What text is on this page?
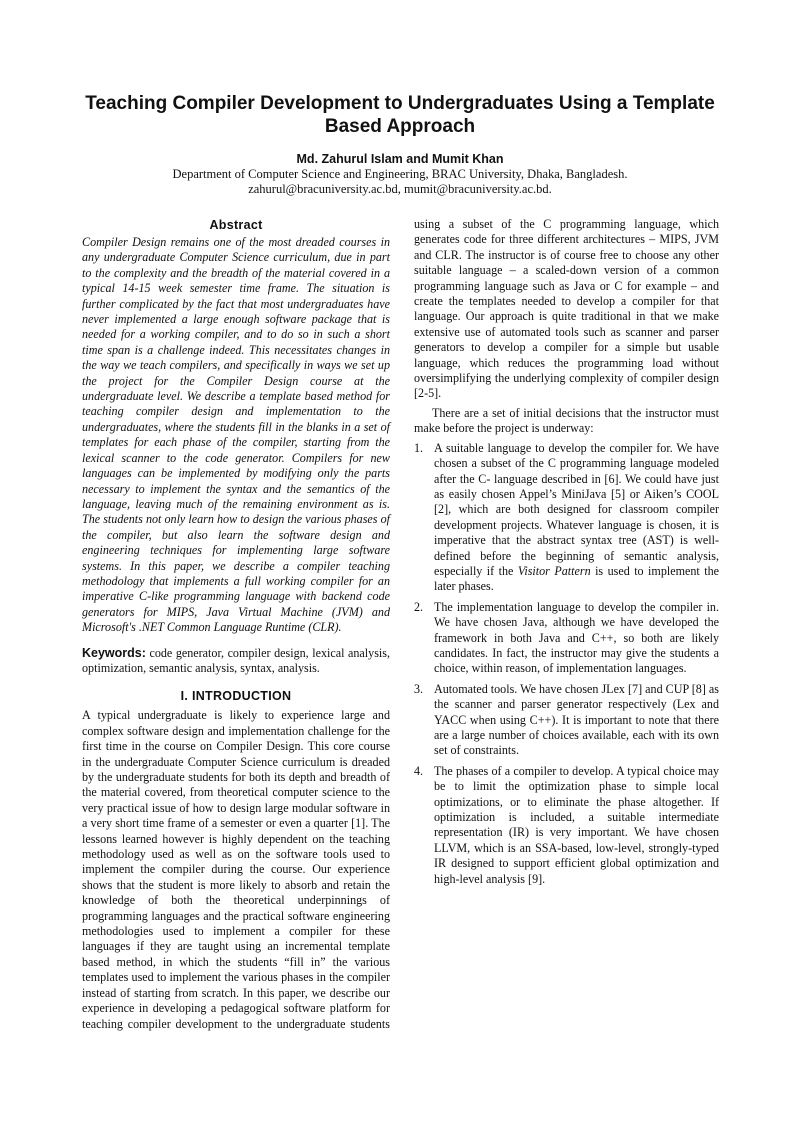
Teaching Compiler Development to Undergraduates Using a Template Based Approach
Md. Zahurul Islam and Mumit Khan
Department of Computer Science and Engineering, BRAC University, Dhaka, Bangladesh.
zahurul@bracuniversity.ac.bd, mumit@bracuniversity.ac.bd.
Abstract

Compiler Design remains one of the most dreaded courses in any undergraduate Computer Science curriculum, due in part to the complexity and the breadth of the material covered in a typical 14-15 week semester time frame. The situation is further complicated by the fact that most undergraduates have never implemented a large enough software package that is needed for a working compiler, and to do so in such a short time span is a challenge indeed. This necessitates changes in the way we teach compilers, and specifically in ways we set up the project for the Compiler Design course at the undergraduate level. We describe a template based method for teaching compiler design and implementation to the undergraduates, where the students fill in the blanks in a set of templates for each phase of the compiler, starting from the lexical scanner to the code generator. Compilers for new languages can be implemented by modifying only the parts necessary to implement the syntax and the semantics of the language, leaving much of the remaining environment as is. The students not only learn how to design the various phases of the compiler, but also learn the software design and engineering techniques for implementing large software systems. In this paper, we describe a compiler teaching methodology that implements a full working compiler for an imperative C-like programming language with backend code generators for MIPS, Java Virtual Machine (JVM) and Microsoft's .NET Common Language Runtime (CLR).

Keywords: code generator, compiler design, lexical analysis, optimization, semantic analysis, syntax, analysis.

I. INTRODUCTION

A typical undergraduate is likely to experience large and complex software design and implementation challenge for the first time in the course on Compiler Design. This core course in the undergraduate Computer Science curriculum is dreaded by the undergraduate students for both its depth and breadth of the material covered, from theoretical computer science to the very practical issue of how to design large modular software in a very short time frame of a semester or even a quarter [1]. The lessons learned however is highly dependent on the teaching methodology used as well as on the software tools used to implement the compiler during the course. Our experience shows that the student is more likely to absorb and retain the knowledge of both the theoretical underpinnings of programming languages and the practical software engineering methodologies used to implement a compiler for these languages if they are taught using an incremental template based method, in which the students “fill in” the various templates used to implement the various phases in the compiler instead of starting from scratch. In this paper, we describe our experience in developing a pedagogical software platform for teaching compiler development to the undergraduate students

using a subset of the C programming language, which generates code for three different architectures – MIPS, JVM and CLR. The instructor is of course free to choose any other suitable language – a scaled-down version of a common programming language such as Java or C for example – and create the templates needed to develop a compiler for that language. Our approach is quite traditional in that we make extensive use of automated tools such as scanner and parser generators to develop a compiler for a simple but usable language, which reduces the programming load without oversimplifying the underlying complexity of compiler design [2-5].

There are a set of initial decisions that the instructor must make before the project is underway:

1. A suitable language to develop the compiler for. We have chosen a subset of the C programming language modeled after the C- language described in [6]. We could have just as easily chosen Appel’s MiniJava [5] or Aiken’s COOL [2], which are both designed for classroom compiler development projects. Whatever language is chosen, it is imperative that the abstract syntax tree (AST) is well-defined before the beginning of semantic analysis, especially if the Visitor Pattern is used to implement the later phases.
2. The implementation language to develop the compiler in. We have chosen Java, although we have developed the framework in both Java and C++, so both are likely candidates. In fact, the instructor may give the students a choice, within reason, of implementation languages.
3. Automated tools. We have chosen JLex [7] and CUP [8] as the scanner and parser generator respectively (Lex and YACC when using C++). It is important to note that there are a large number of choices available, each with its own set of constraints.
4. The phases of a compiler to develop. A typical choice may be to limit the optimization phase to simple local optimizations, or to eliminate the phase altogether. If optimization is included, a suitable intermediate representation (IR) is very important. We have chosen LLVM, which is an SSA-based, low-level, strongly-typed IR designed to support efficient global optimization and high-level analysis [9].
